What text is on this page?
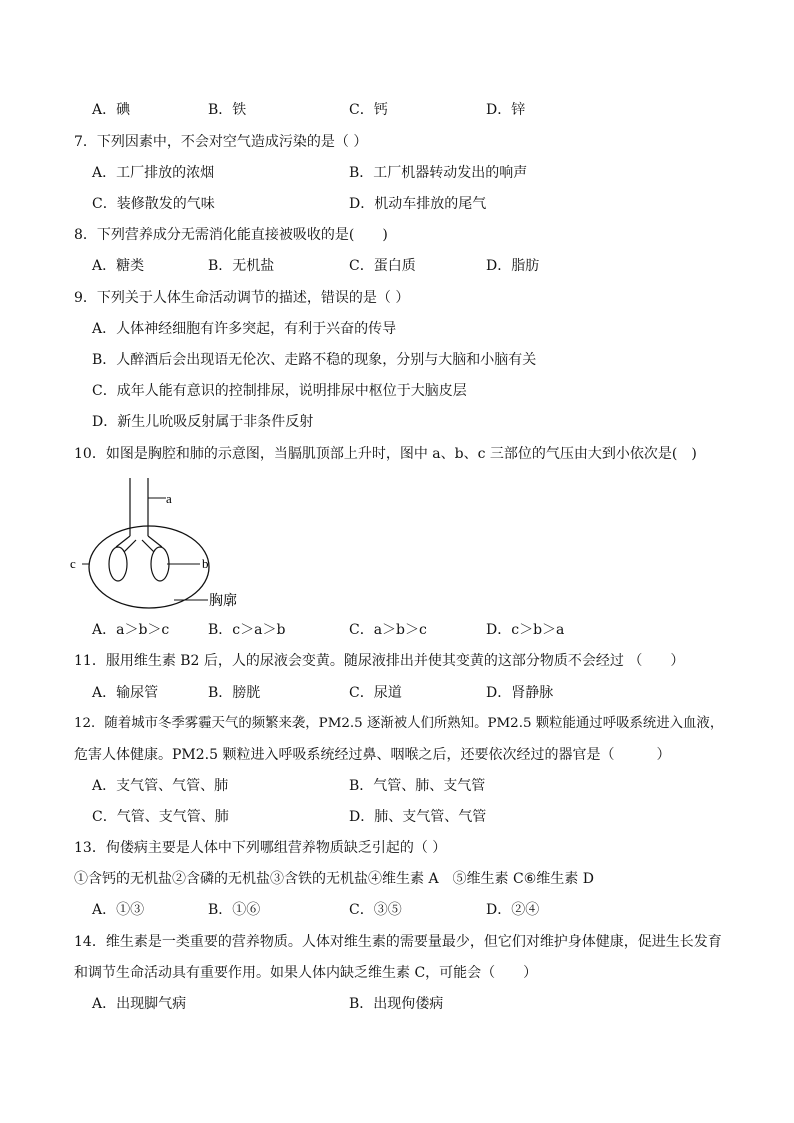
A．碘	B．铁	C．钙	D．锌
7．下列因素中，不会对空气造成污染的是（ ）
A．工厂排放的浓烟	B．工厂机器转动发出的响声
C．装修散发的气味	D．机动车排放的尾气
8．下列营养成分无需消化能直接被吸收的是(　　)
A．糖类	B．无机盐	C．蛋白质	D．脂肪
9．下列关于人体生命活动调节的描述，错误的是（ ）
A．人体神经细胞有许多突起，有利于兴奋的传导
B．人醉酒后会出现语无伦次、走路不稳的现象，分别与大脑和小脑有关
C．成年人能有意识的控制排尿，说明排尿中枢位于大脑皮层
D．新生儿吮吸反射属于非条件反射
10．如图是胸腔和肺的示意图，当膈肌顶部上升时，图中 a、b、c 三部位的气压由大到小依次是(　)
a
c	b
胸廓
A．a＞b＞c	B．c＞a＞b	C．a＞b＞c	D．c＞b＞a
11．服用维生素 B2 后，人的尿液会变黄。随尿液排出并使其变黄的这部分物质不会经过 （　　）
A．输尿管	B．膀胱	C．尿道	D．肾静脉
12．随着城市冬季雾霾天气的频繁来袭，PM2.5 逐渐被人们所熟知。PM2.5 颗粒能通过呼吸系统进入血液，
危害人体健康。PM2.5 颗粒进入呼吸系统经过鼻、咽喉之后，还要依次经过的器官是（　　　）
A．支气管、气管、肺	B．气管、肺、支气管
C．气管、支气管、肺	D．肺、支气管、气管
13．佝偻病主要是人体中下列哪组营养物质缺乏引起的（ ）
①含钙的无机盐②含磷的无机盐③含铁的无机盐④维生素 A　⑤维生素 C⑥维生素 D
A．①③	B．①⑥	C．③⑤	D．②④
14．维生素是一类重要的营养物质。人体对维生素的需要量最少，但它们对维护身体健康，促进生长发育
和调节生命活动具有重要作用。如果人体内缺乏维生素 C，可能会（　　）
A．出现脚气病	B．出现佝偻病
